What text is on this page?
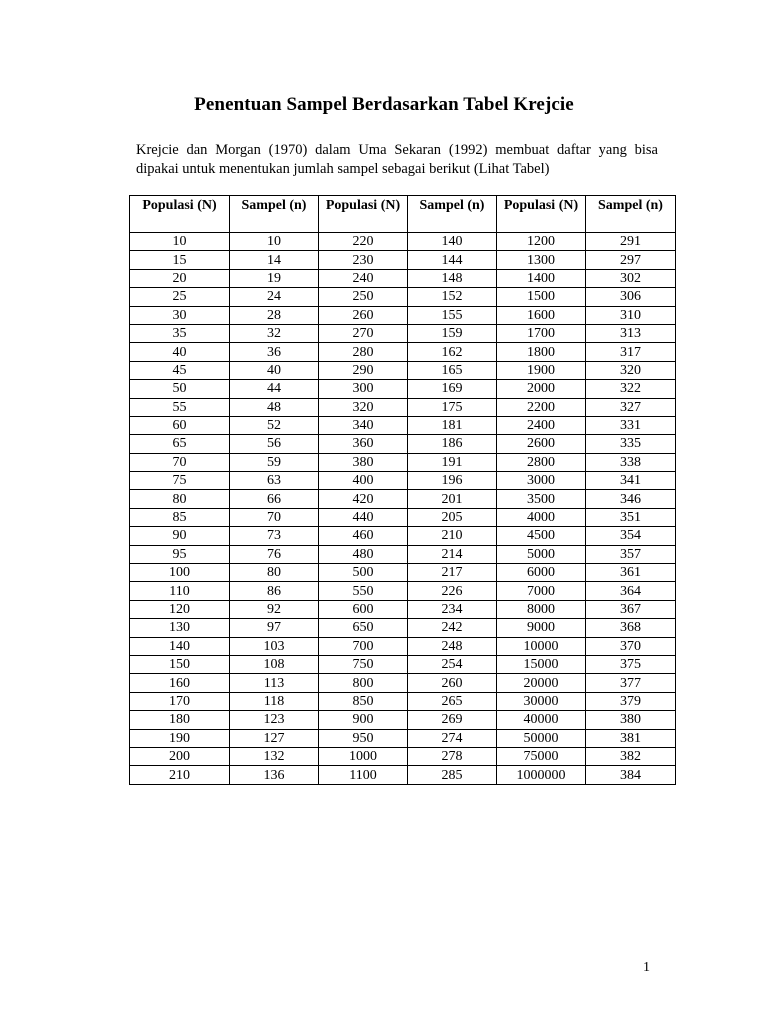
Penentuan Sampel Berdasarkan Tabel Krejcie
Krejcie dan Morgan (1970) dalam Uma Sekaran (1992) membuat daftar yang bisa
dipakai untuk menentukan jumlah sampel sebagai berikut (Lihat Tabel)
Populasi (N)	Sampel (n)	Populasi (N)	Sampel (n)	Populasi (N)	Sampel (n)
10	10	220	140	1200	291
15	14	230	144	1300	297
20	19	240	148	1400	302
25	24	250	152	1500	306
30	28	260	155	1600	310
35	32	270	159	1700	313
40	36	280	162	1800	317
45	40	290	165	1900	320
50	44	300	169	2000	322
55	48	320	175	2200	327
60	52	340	181	2400	331
65	56	360	186	2600	335
70	59	380	191	2800	338
75	63	400	196	3000	341
80	66	420	201	3500	346
85	70	440	205	4000	351
90	73	460	210	4500	354
95	76	480	214	5000	357
100	80	500	217	6000	361
110	86	550	226	7000	364
120	92	600	234	8000	367
130	97	650	242	9000	368
140	103	700	248	10000	370
150	108	750	254	15000	375
160	113	800	260	20000	377
170	118	850	265	30000	379
180	123	900	269	40000	380
190	127	950	274	50000	381
200	132	1000	278	75000	382
210	136	1100	285	1000000	384
1
